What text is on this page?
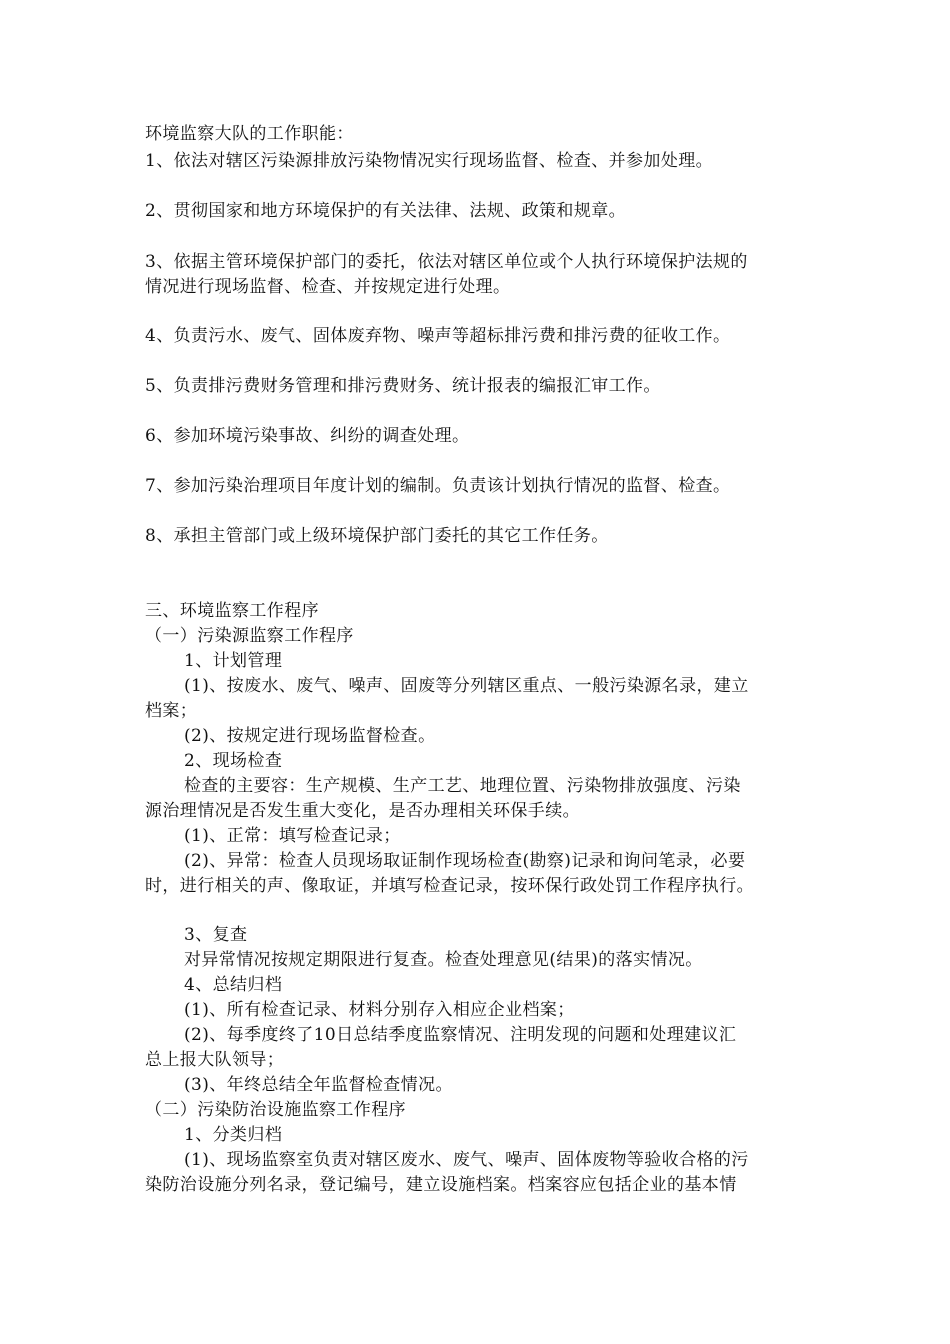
环境监察大队的工作职能：
1、依法对辖区污染源排放污染物情况实行现场监督、检查、并参加处理。
2、贯彻国家和地方环境保护的有关法律、法规、政策和规章。
3、依据主管环境保护部门的委托，依法对辖区单位或个人执行环境保护法规的
情况进行现场监督、检查、并按规定进行处理。
4、负责污水、废气、固体废弃物、噪声等超标排污费和排污费的征收工作。
5、负责排污费财务管理和排污费财务、统计报表的编报汇审工作。
6、参加环境污染事故、纠纷的调查处理。
7、参加污染治理项目年度计划的编制。负责该计划执行情况的监督、检查。
8、承担主管部门或上级环境保护部门委托的其它工作任务。
三、环境监察工作程序
（一）污染源监察工作程序
1、计划管理
(1)、按废水、废气、噪声、固废等分列辖区重点、一般污染源名录，建立
档案；
(2)、按规定进行现场监督检查。
2、现场检查
检查的主要容：生产规模、生产工艺、地理位置、污染物排放强度、污染
源治理情况是否发生重大变化，是否办理相关环保手续。
(1)、正常：填写检查记录；
(2)、异常：检查人员现场取证制作现场检查(勘察)记录和询问笔录，必要
时，进行相关的声、像取证，并填写检查记录，按环保行政处罚工作程序执行。
3、复查
对异常情况按规定期限进行复查。检查处理意见(结果)的落实情况。
4、总结归档
(1)、所有检查记录、材料分别存入相应企业档案；
(2)、每季度终了10日总结季度监察情况、注明发现的问题和处理建议汇
总上报大队领导；
(3)、年终总结全年监督检查情况。
（二）污染防治设施监察工作程序
1、分类归档
(1)、现场监察室负责对辖区废水、废气、噪声、固体废物等验收合格的污
染防治设施分列名录，登记编号，建立设施档案。档案容应包括企业的基本情
